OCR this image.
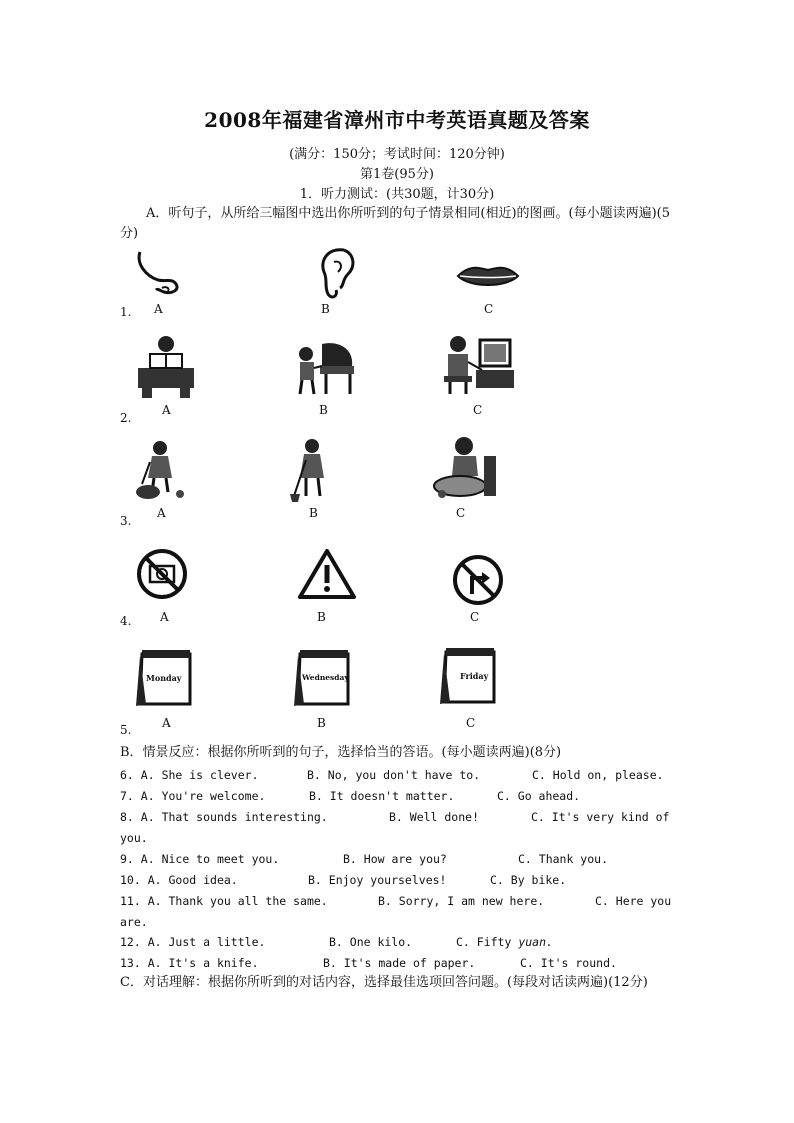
2008年福建省漳州市中考英语真题及答案
(满分：150分；考试时间：120分钟)
第1卷(95分)
1．听力测试：(共30题，计30分)
A．听句子，从所给三幅图中选出你所听到的句子情景相同(相近)的图画。(每小题读两遍)(5分)
1. A	B	C
2.
A	B	C
3.
A	B	C
4. A	B	C
Monday	Wednesday	Friday
5.	A	B	C
B．情景反应：根据你所听到的句子，选择恰当的答语。(每小题读两遍)(8分)
6. A. She is clever.	B. No, you don't have to.	C. Hold on, please.
7. A. You're welcome.	B. It doesn't matter.	C. Go ahead.
8. A. That sounds interesting.	B. Well done!	C. It's very kind of
you.
9. A. Nice to meet you.	B. How are you?	C. Thank you.
10. A. Good idea.	B. Enjoy yourselves!	C. By bike.
11. A. Thank you all the same.	B. Sorry, I am new here.	C. Here you
are.
12. A. Just a little.	B. One kilo.	C. Fifty yuan.
13. A. It's a knife.	B. It's made of paper.	C. It's round.
C．对话理解：根据你所听到的对话内容，选择最佳选项回答问题。(每段对话读两遍)(12分)
